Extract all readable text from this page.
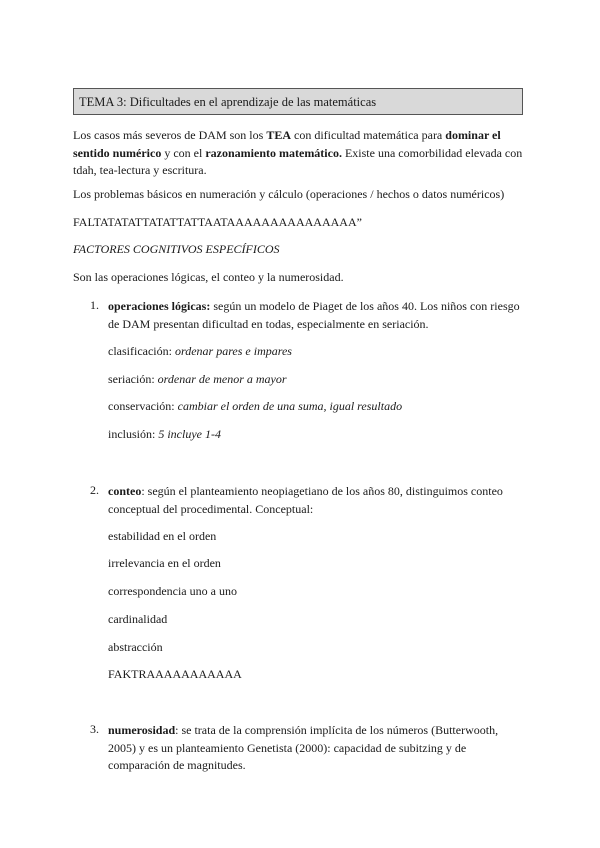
TEMA 3: Dificultades en el aprendizaje de las matemáticas
Los casos más severos de DAM son los TEA con dificultad matemática para dominar el sentido numérico y con el razonamiento matemático. Existe una comorbilidad elevada con tdah, tea-lectura y escritura.
Los problemas básicos en numeración y cálculo (operaciones / hechos o datos numéricos)
FALTATATATTATATTATTAATAAAAAAAAAAAAAAA”
FACTORES COGNITIVOS ESPECÍFICOS
Son las operaciones lógicas, el conteo y la numerosidad.
1. operaciones lógicas: según un modelo de Piaget de los años 40. Los niños con riesgo de DAM presentan dificultad en todas, especialmente en seriación.
clasificación: ordenar pares e impares
seriación: ordenar de menor a mayor
conservación: cambiar el orden de una suma, igual resultado
inclusión: 5 incluye 1-4
2. conteo: según el planteamiento neopiagetiano de los años 80, distinguimos conteo conceptual del procedimental. Conceptual:
estabilidad en el orden
irrelevancia en el orden
correspondencia uno a uno
cardinalidad
abstracción
FAKTRAAAAAAAAAAA
3. numerosidad: se trata de la comprensión implícita de los números (Butterwooth, 2005) y es un planteamiento Genetista (2000): capacidad de subitzing y de comparación de magnitudes.
